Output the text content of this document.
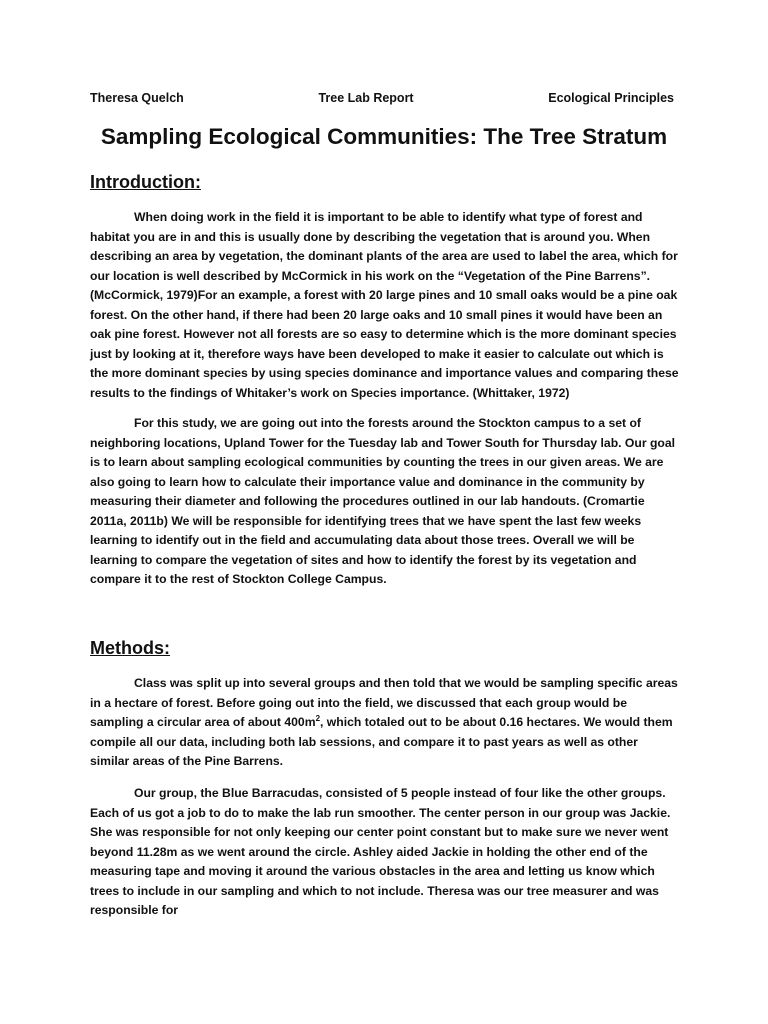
Theresa Quelch	Tree Lab Report	Ecological Principles
Sampling Ecological Communities: The Tree Stratum
Introduction:

When doing work in the field it is important to be able to identify what type of forest and habitat you are in and this is usually done by describing the vegetation that is around you. When describing an area by vegetation, the dominant plants of the area are used to label the area, which for our location is well described by McCormick in his work on the “Vegetation of the Pine Barrens”. (McCormick, 1979)For an example, a forest with 20 large pines and 10 small oaks would be a pine oak forest. On the other hand, if there had been 20 large oaks and 10 small pines it would have been an oak pine forest. However not all forests are so easy to determine which is the more dominant species just by looking at it, therefore ways have been developed to make it easier to calculate out which is the more dominant species by using species dominance and importance values and comparing these results to the findings of Whitaker’s work on Species importance. (Whittaker, 1972)

For this study, we are going out into the forests around the Stockton campus to a set of neighboring locations, Upland Tower for the Tuesday lab and Tower South for Thursday lab. Our goal is to learn about sampling ecological communities by counting the trees in our given areas. We are also going to learn how to calculate their importance value and dominance in the community by measuring their diameter and following the procedures outlined in our lab handouts. (Cromartie 2011a, 2011b) We will be responsible for identifying trees that we have spent the last few weeks learning to identify out in the field and accumulating data about those trees. Overall we will be learning to compare the vegetation of sites and how to identify the forest by its vegetation and compare it to the rest of Stockton College Campus.

Methods:

Class was split up into several groups and then told that we would be sampling specific areas in a hectare of forest. Before going out into the field, we discussed that each group would be sampling a circular area of about $400m^2$, which totaled out to be about 0.16 hectares. We would them compile all our data, including both lab sessions, and compare it to past years as well as other similar areas of the Pine Barrens.

Our group, the Blue Barracudas, consisted of 5 people instead of four like the other groups. Each of us got a job to do to make the lab run smoother. The center person in our group was Jackie. She was responsible for not only keeping our center point constant but to make sure we never went beyond 11.28m as we went around the circle. Ashley aided Jackie in holding the other end of the measuring tape and moving it around the various obstacles in the area and letting us know which trees to include in our sampling and which to not include. Theresa was our tree measurer and was responsible for
